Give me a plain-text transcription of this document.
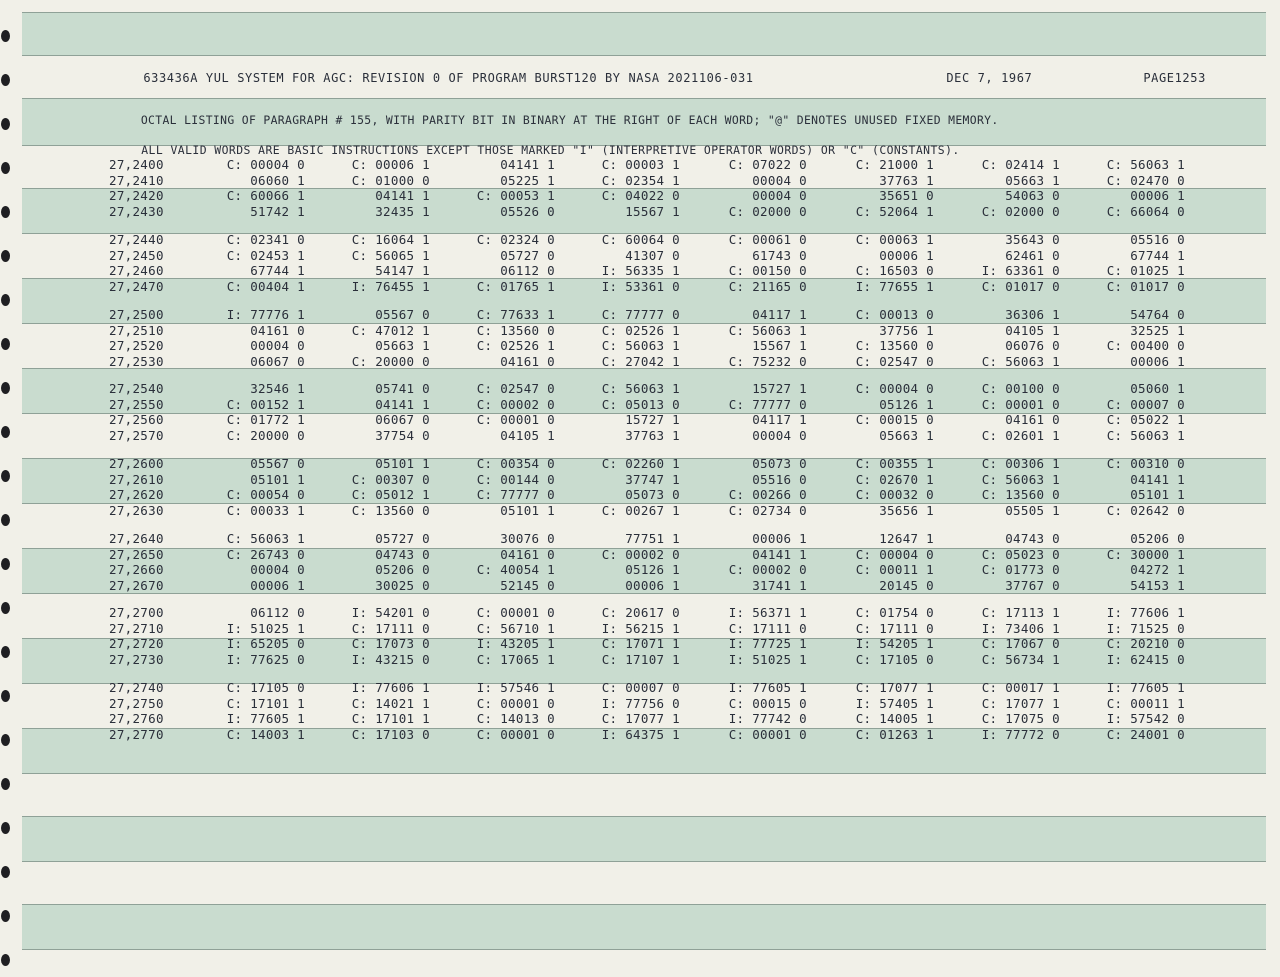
633436A YUL SYSTEM FOR AGC: REVISION 0 OF PROGRAM BURST120 BY NASA 2021106-031
	DEC 7, 1967
	PAGE1253

OCTAL LISTING OF PARAGRAPH # 155, WITH PARITY BIT IN BINARY AT THE RIGHT OF EACH WORD; "@" DENOTES UNUSED FIXED MEMORY.

ALL VALID WORDS ARE BASIC INSTRUCTIONS EXCEPT THOSE MARKED "I" (INTERPRETIVE OPERATOR WORDS) OR "C" (CONSTANTS).

27,2400	C: 00004 0	C: 00006 1	04141 1	C: 00003 1	C: 07022 0	C: 21000 1	C: 02414 1	C: 56063 1
27,2410	06060 1	C: 01000 0	05225 1	C: 02354 1	00004 0	37763 1	05663 1	C: 02470 0
27,2420	C: 60066 1	04141 1	C: 00053 1	C: 04022 0	00004 0	35651 0	54063 0	00006 1
27,2430	51742 1	32435 1	05526 0	15567 1	C: 02000 0	C: 52064 1	C: 02000 0	C: 66064 0
27,2440	C: 02341 0	C: 16064 1	C: 02324 0	C: 60064 0	C: 00061 0	C: 00063 1	35643 0	05516 0
27,2450	C: 02453 1	C: 56065 1	05727 0	41307 0	61743 0	00006 1	62461 0	67744 1
27,2460	67744 1	54147 1	06112 0	I: 56335 1	C: 00150 0	C: 16503 0	I: 63361 0	C: 01025 1
27,2470	C: 00404 1	I: 76455 1	C: 01765 1	I: 53361 0	C: 21165 0	I: 77655 1	C: 01017 0	C: 01017 0
27,2500	I: 77776 1	05567 0	C: 77633 1	C: 77777 0	04117 1	C: 00013 0	36306 1	54764 0
27,2510	04161 0	C: 47012 1	C: 13560 0	C: 02526 1	C: 56063 1	37756 1	04105 1	32525 1
27,2520	00004 0	05663 1	C: 02526 1	C: 56063 1	15567 1	C: 13560 0	06076 0	C: 00400 0
27,2530	06067 0	C: 20000 0	04161 0	C: 27042 1	C: 75232 0	C: 02547 0	C: 56063 1	00006 1
27,2540	32546 1	05741 0	C: 02547 0	C: 56063 1	15727 1	C: 00004 0	C: 00100 0	05060 1
27,2550	C: 00152 1	04141 1	C: 00002 0	C: 05013 0	C: 77777 0	05126 1	C: 00001 0	C: 00007 0
27,2560	C: 01772 1	06067 0	C: 00001 0	15727 1	04117 1	C: 00015 0	04161 0	C: 05022 1
27,2570	C: 20000 0	37754 0	04105 1	37763 1	00004 0	05663 1	C: 02601 1	C: 56063 1
27,2600	05567 0	05101 1	C: 00354 0	C: 02260 1	05073 0	C: 00355 1	C: 00306 1	C: 00310 0
27,2610	05101 1	C: 00307 0	C: 00144 0	37747 1	05516 0	C: 02670 1	C: 56063 1	04141 1
27,2620	C: 00054 0	C: 05012 1	C: 77777 0	05073 0	C: 00266 0	C: 00032 0	C: 13560 0	05101 1
27,2630	C: 00033 1	C: 13560 0	05101 1	C: 00267 1	C: 02734 0	35656 1	05505 1	C: 02642 0
27,2640	C: 56063 1	05727 0	30076 0	77751 1	00006 1	12647 1	04743 0	05206 0
27,2650	C: 26743 0	04743 0	04161 0	C: 00002 0	04141 1	C: 00004 0	C: 05023 0	C: 30000 1
27,2660	00004 0	05206 0	C: 40054 1	05126 1	C: 00002 0	C: 00011 1	C: 01773 0	04272 1
27,2670	00006 1	30025 0	52145 0	00006 1	31741 1	20145 0	37767 0	54153 1
27,2700	06112 0	I: 54201 0	C: 00001 0	C: 20617 0	I: 56371 1	C: 01754 0	C: 17113 1	I: 77606 1
27,2710	I: 51025 1	C: 17111 0	C: 56710 1	I: 56215 1	C: 17111 0	C: 17111 0	I: 73406 1	I: 71525 0
27,2720	I: 65205 0	C: 17073 0	I: 43205 1	C: 17071 1	I: 77725 1	I: 54205 1	C: 17067 0	C: 20210 0
27,2730	I: 77625 0	I: 43215 0	C: 17065 1	C: 17107 1	I: 51025 1	C: 17105 0	C: 56734 1	I: 62415 0
27,2740	C: 17105 0	I: 77606 1	I: 57546 1	C: 00007 0	I: 77605 1	C: 17077 1	C: 00017 1	I: 77605 1
27,2750	C: 17101 1	C: 14021 1	C: 00001 0	I: 77756 0	C: 00015 0	I: 57405 1	C: 17077 1	C: 00011 1
27,2760	I: 77605 1	C: 17101 1	C: 14013 0	C: 17077 1	I: 77742 0	C: 14005 1	C: 17075 0	I: 57542 0
27,2770	C: 14003 1	C: 17103 0	C: 00001 0	I: 64375 1	C: 00001 0	C: 01263 1	I: 77772 0	C: 24001 0
